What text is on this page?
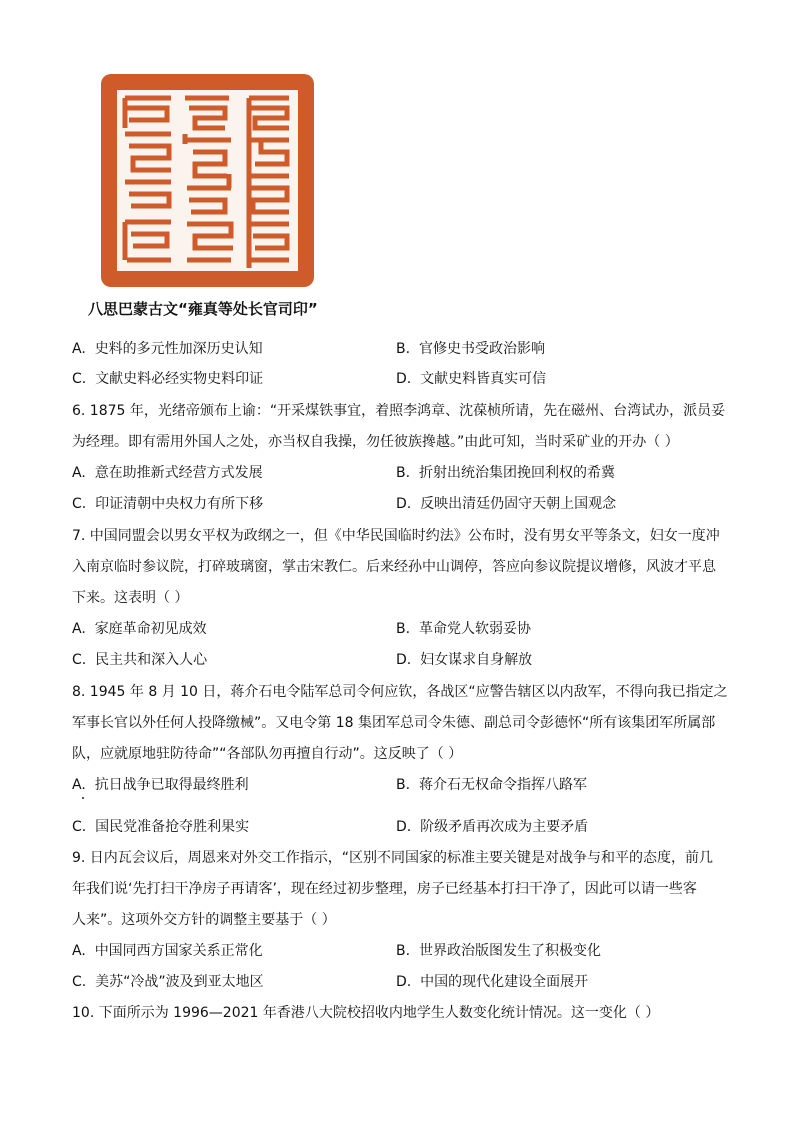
八思巴蒙古文“雍真等处长官司印”
A. 史料的多元性加深历史认知	B. 官修史书受政治影响
C. 文献史料必经实物史料印证	D. 文献史料皆真实可信
6. 1875 年，光绪帝颁布上谕：“开采煤铁事宜，着照李鸿章、沈葆桢所请，先在磁州、台湾试办，派员妥
为经理。即有需用外国人之处，亦当权自我操，勿任彼族搀越。”由此可知，当时采矿业的开办（ ）
A. 意在助推新式经营方式发展	B. 折射出统治集团挽回利权的希冀
C. 印证清朝中央权力有所下移	D. 反映出清廷仍固守天朝上国观念
7. 中国同盟会以男女平权为政纲之一，但《中华民国临时约法》公布时，没有男女平等条文，妇女一度冲
入南京临时参议院，打碎玻璃窗，掌击宋教仁。后来经孙中山调停，答应向参议院提议增修，风波才平息
下来。这表明（ ）
A. 家庭革命初见成效	B. 革命党人软弱妥协
C. 民主共和深入人心	D. 妇女谋求自身解放
8. 1945 年 8 月 10 日，蒋介石电令陆军总司令何应钦，各战区“应警告辖区以内敌军，不得向我已指定之
军事长官以外任何人投降缴械”。又电令第 18 集团军总司令朱德、副总司令彭德怀“所有该集团军所属部
队，应就原地驻防待命”“各部队勿再擅自行动”。这反映了（ ）
A. 抗日战争已取得最终胜利	B. 蒋介石无权命令指挥八路军
C. 国民党准备抢夺胜利果实	D. 阶级矛盾再次成为主要矛盾
9. 日内瓦会议后，周恩来对外交工作指示，“区别不同国家的标准主要关键是对战争与和平的态度，前几
年我们说‘先打扫干净房子再请客’，现在经过初步整理，房子已经基本打扫干净了，因此可以请一些客
人来”。这项外交方针的调整主要基于（ ）
A. 中国同西方国家关系正常化	B. 世界政治版图发生了积极变化
C. 美苏“冷战”波及到亚太地区	D. 中国的现代化建设全面展开
10. 下面所示为 1996—2021 年香港八大院校招收内地学生人数变化统计情况。这一变化（ ）
